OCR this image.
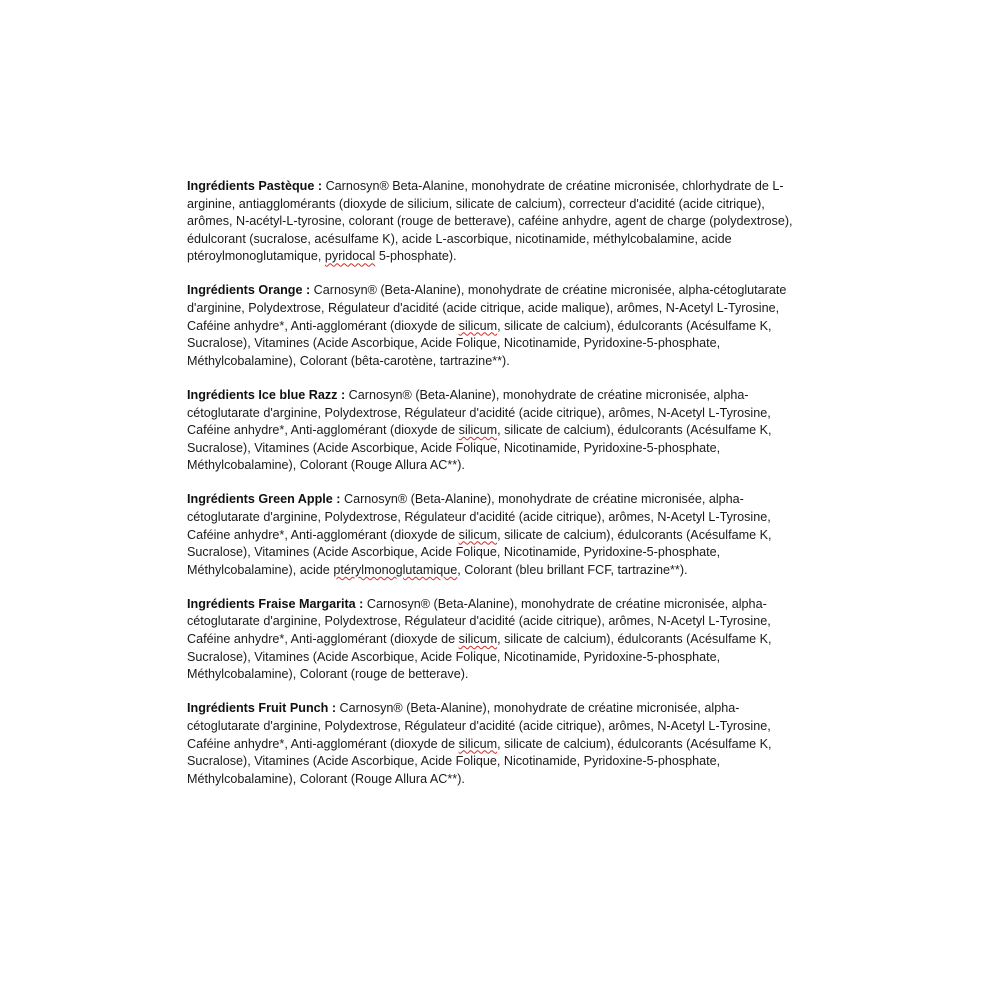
Ingrédients Pastèque : Carnosyn® Beta-Alanine, monohydrate de créatine micronisée, chlorhydrate de L-arginine, antiagglomérants (dioxyde de silicium, silicate de calcium), correcteur d'acidité (acide citrique), arômes, N-acétyl-L-tyrosine, colorant (rouge de betterave), caféine anhydre, agent de charge (polydextrose), édulcorant (sucralose, acésulfame K), acide L-ascorbique, nicotinamide, méthylcobalamine, acide ptéroylmonoglutamique, pyridocal 5-phosphate).

Ingrédients Orange : Carnosyn® (Beta-Alanine), monohydrate de créatine micronisée, alpha-cétoglutarate d'arginine, Polydextrose, Régulateur d'acidité (acide citrique, acide malique), arômes, N-Acetyl L-Tyrosine, Caféine anhydre*, Anti-agglomérant (dioxyde de silicum, silicate de calcium), édulcorants (Acésulfame K, Sucralose), Vitamines (Acide Ascorbique, Acide Folique, Nicotinamide, Pyridoxine-5-phosphate, Méthylcobalamine), Colorant (bêta-carotène, tartrazine**).

Ingrédients Ice blue Razz : Carnosyn® (Beta-Alanine), monohydrate de créatine micronisée, alpha-cétoglutarate d'arginine, Polydextrose, Régulateur d'acidité (acide citrique), arômes, N-Acetyl L-Tyrosine, Caféine anhydre*, Anti-agglomérant (dioxyde de silicum, silicate de calcium), édulcorants (Acésulfame K, Sucralose), Vitamines (Acide Ascorbique, Acide Folique, Nicotinamide, Pyridoxine-5-phosphate, Méthylcobalamine), Colorant (Rouge Allura AC**).

Ingrédients Green Apple : Carnosyn® (Beta-Alanine), monohydrate de créatine micronisée, alpha-cétoglutarate d'arginine, Polydextrose, Régulateur d'acidité (acide citrique), arômes, N-Acetyl L-Tyrosine, Caféine anhydre*, Anti-agglomérant (dioxyde de silicum, silicate de calcium), édulcorants (Acésulfame K, Sucralose), Vitamines (Acide Ascorbique, Acide Folique, Nicotinamide, Pyridoxine-5-phosphate, Méthylcobalamine), acide ptérylmonoglutamique, Colorant (bleu brillant FCF, tartrazine**).

Ingrédients Fraise Margarita : Carnosyn® (Beta-Alanine), monohydrate de créatine micronisée, alpha-cétoglutarate d'arginine, Polydextrose, Régulateur d'acidité (acide citrique), arômes, N-Acetyl L-Tyrosine, Caféine anhydre*, Anti-agglomérant (dioxyde de silicum, silicate de calcium), édulcorants (Acésulfame K, Sucralose), Vitamines (Acide Ascorbique, Acide Folique, Nicotinamide, Pyridoxine-5-phosphate, Méthylcobalamine), Colorant (rouge de betterave).

Ingrédients Fruit Punch : Carnosyn® (Beta-Alanine), monohydrate de créatine micronisée, alpha-cétoglutarate d'arginine, Polydextrose, Régulateur d'acidité (acide citrique), arômes, N-Acetyl L-Tyrosine, Caféine anhydre*, Anti-agglomérant (dioxyde de silicum, silicate de calcium), édulcorants (Acésulfame K, Sucralose), Vitamines (Acide Ascorbique, Acide Folique, Nicotinamide, Pyridoxine-5-phosphate, Méthylcobalamine), Colorant (Rouge Allura AC**).
